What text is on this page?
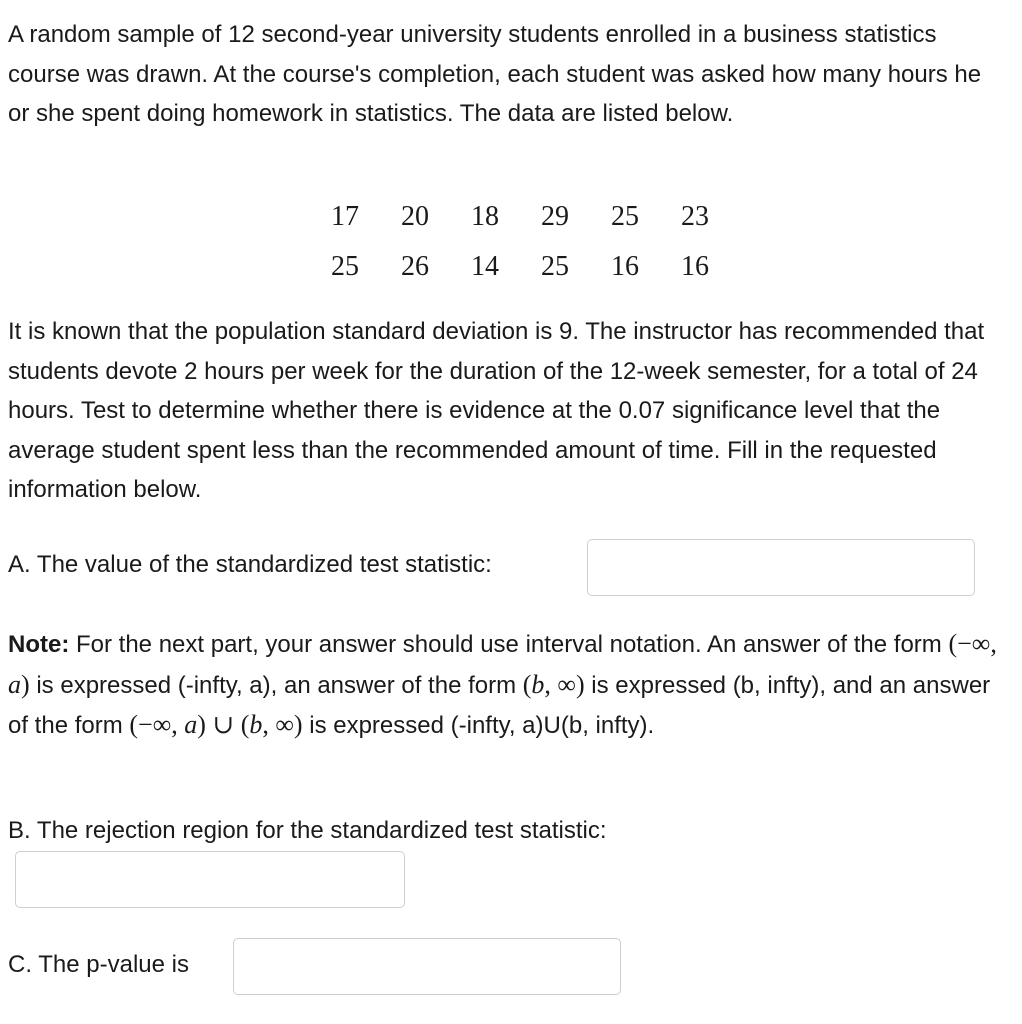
A random sample of 12 second-year university students enrolled in a business statistics course was drawn. At the course's completion, each student was asked how many hours he or she spent doing homework in statistics. The data are listed below.

17	20	18	29	25	23
25	26	14	25	16	16

It is known that the population standard deviation is 9. The instructor has recommended that students devote 2 hours per week for the duration of the 12-week semester, for a total of 24 hours. Test to determine whether there is evidence at the 0.07 significance level that the average student spent less than the recommended amount of time. Fill in the requested information below.

A. The value of the standardized test statistic:

Note: For the next part, your answer should use interval notation. An answer of the form (−∞, a) is expressed (-infty, a), an answer of the form (b, ∞) is expressed (b, infty), and an answer of the form (−∞, a) ∪ (b, ∞) is expressed (-infty, a)U(b, infty).

B. The rejection region for the standardized test statistic:
C. The p-value is
